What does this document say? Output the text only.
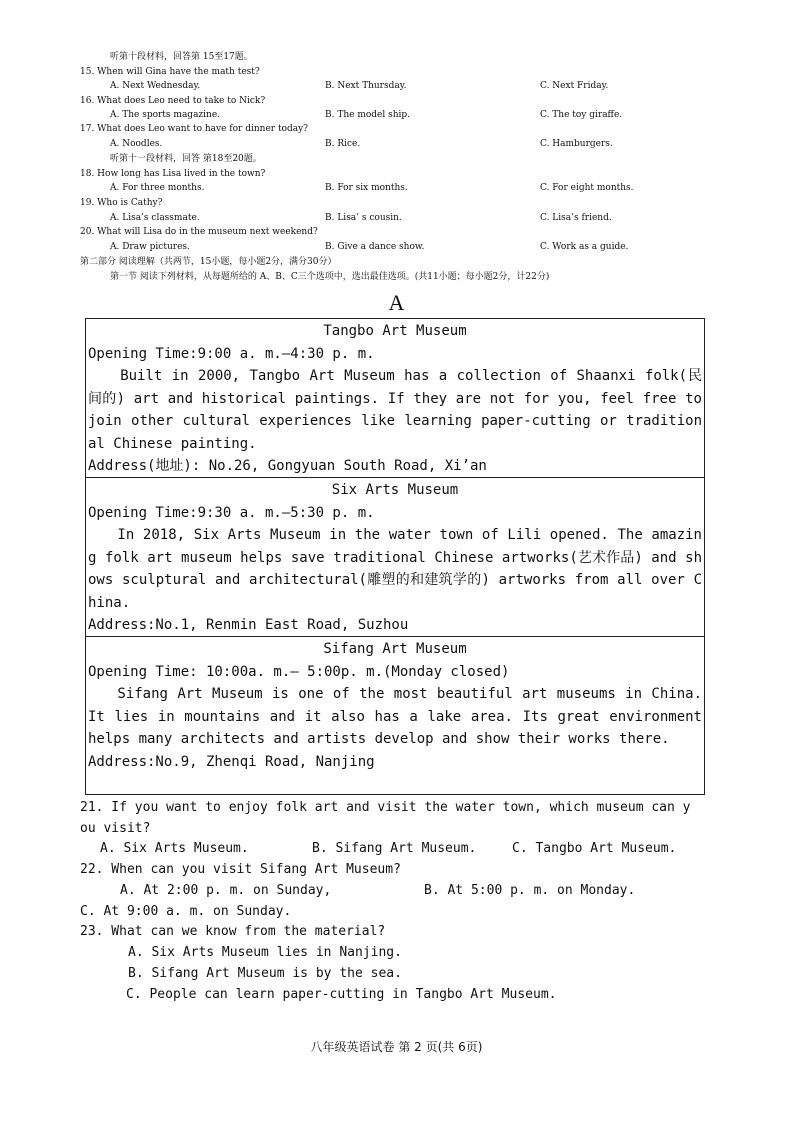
听第十段材料，回答第 15至17题。
15. When will Gina have the math test?
A. Next Wednesday.	B. Next Thursday.	C. Next Friday.
16. What does Leo need to take to Nick?
A. The sports magazine.	B. The model ship.	C. The toy giraffe.
17. What does Leo want to have for dinner today?
A. Noodles.	B. Rice.	C. Hamburgers.
听第十一段材料，回答 第18至20题。
18. How long has Lisa lived in the town?
A. For three months.	B. For six months.	C. For eight months.
19. Who is Cathy?
A. Lisa’s classmate.	B. Lisa’ s cousin.	C. Lisa’s friend.
20. What will Lisa do in the museum next weekend?
A. Draw pictures.	B. Give a dance show.	C. Work as a guide.
第二部分 阅读理解（共两节，15小题，每小题2分，满分30分）
第一节 阅读下列材料，从每题所给的 A、B、C三个选项中，选出最佳选项。(共11小题；每小题2分，计22分)
A
Tangbo Art Museum
Opening Time:9:00 a. m.—4:30 p. m.
Built in 2000, Tangbo Art Museum has a collection of Shaanxi folk(民间的) art and historical paintings. If they are not for you, feel free to join other cultural experiences like learning paper-cutting or traditional Chinese painting.
Address(地址): No.26, Gongyuan South Road, Xi’an
Six Arts Museum
Opening Time:9:30 a. m.—5:30 p. m.
In 2018, Six Arts Museum in the water town of Lili opened. The amazing folk art museum helps save traditional Chinese artworks(艺术作品) and shows sculptural and architectural(雕塑的和建筑学的) artworks from all over China.
Address:No.1, Renmin East Road, Suzhou
Sifang Art Museum
Opening Time: 10:00a. m.— 5:00p. m.(Monday closed)
Sifang Art Museum is one of the most beautiful art museums in China. It lies in mountains and it also has a lake area. Its great environment helps many architects and artists develop and show their works there.
Address:No.9, Zhenqi Road, Nanjing
21. If you want to enjoy folk art and visit the water town, which museum can y
ou visit?
A. Six Arts Museum.	B. Sifang Art Museum.	C. Tangbo Art Museum.
22. When can you visit Sifang Art Museum?
A. At 2:00 p. m. on Sunday,	B. At 5:00 p. m. on Monday.
C. At 9:00 a. m. on Sunday.
23. What can we know from the material?
A. Six Arts Museum lies in Nanjing.
B. Sifang Art Museum is by the sea.
C. People can learn paper-cutting in Tangbo Art Museum.
八年级英语试卷 第 2 页(共 6页)
